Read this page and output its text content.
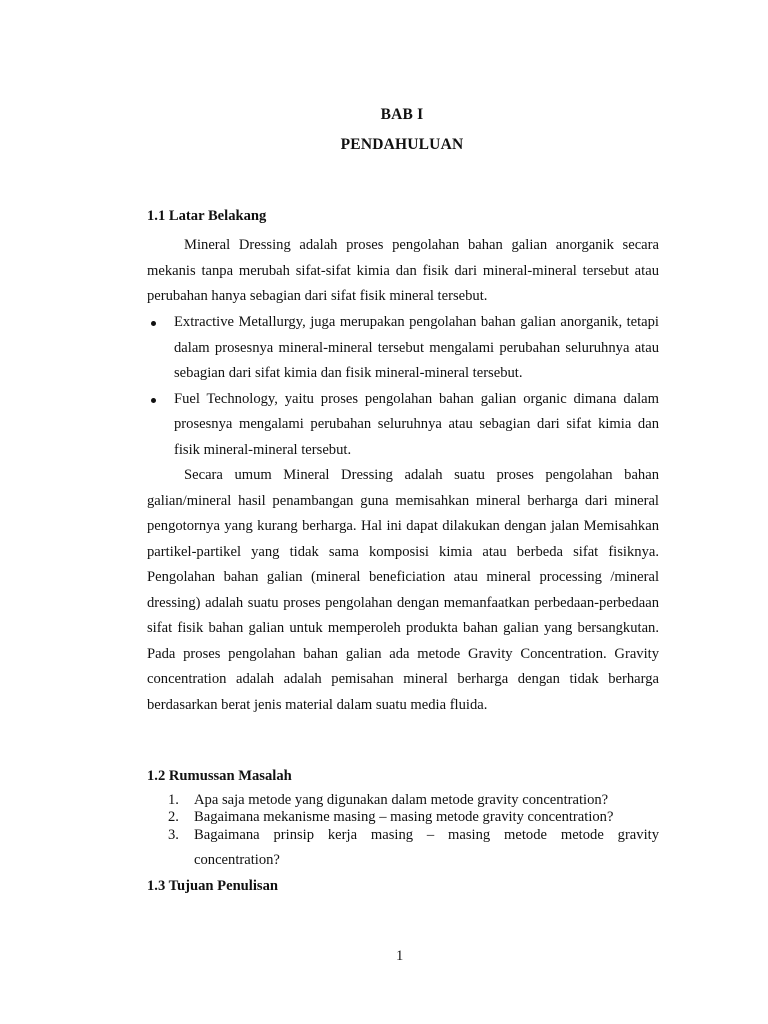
BAB I
PENDAHULUAN
1.1 Latar Belakang

Mineral Dressing adalah proses pengolahan bahan galian anorganik secara mekanis tanpa merubah sifat-sifat kimia dan fisik dari mineral-mineral tersebut atau perubahan hanya sebagian dari sifat fisik mineral tersebut.

Extractive Metallurgy, juga merupakan pengolahan bahan galian anorganik, tetapi dalam prosesnya mineral-mineral tersebut mengalami perubahan seluruhnya atau sebagian dari sifat kimia dan fisik mineral-mineral tersebut.
Fuel Technology, yaitu proses pengolahan bahan galian organic dimana dalam prosesnya mengalami perubahan seluruhnya atau sebagian dari sifat kimia dan fisik mineral-mineral tersebut.

Secara umum Mineral Dressing adalah suatu proses pengolahan bahan galian/mineral hasil penambangan guna memisahkan mineral berharga dari mineral pengotornya yang kurang berharga. Hal ini dapat dilakukan dengan jalan Memisahkan partikel-partikel yang tidak sama komposisi kimia atau berbeda sifat fisiknya. Pengolahan bahan galian (mineral beneficiation atau mineral processing /mineral dressing) adalah suatu proses pengolahan dengan memanfaatkan perbedaan-perbedaan sifat fisik bahan galian untuk memperoleh produkta bahan galian yang bersangkutan. Pada proses pengolahan bahan galian ada metode Gravity Concentration. Gravity concentration adalah adalah pemisahan mineral berharga dengan tidak berharga berdasarkan berat jenis material dalam suatu media fluida.

1.2 Rumussan Masalah
1. Apa saja metode yang digunakan dalam metode gravity concentration?
2. Bagaimana mekanisme masing – masing metode gravity concentration?
3. Bagaimana prinsip kerja masing – masing metode metode gravity concentration?
1.3 Tujuan Penulisan
1
